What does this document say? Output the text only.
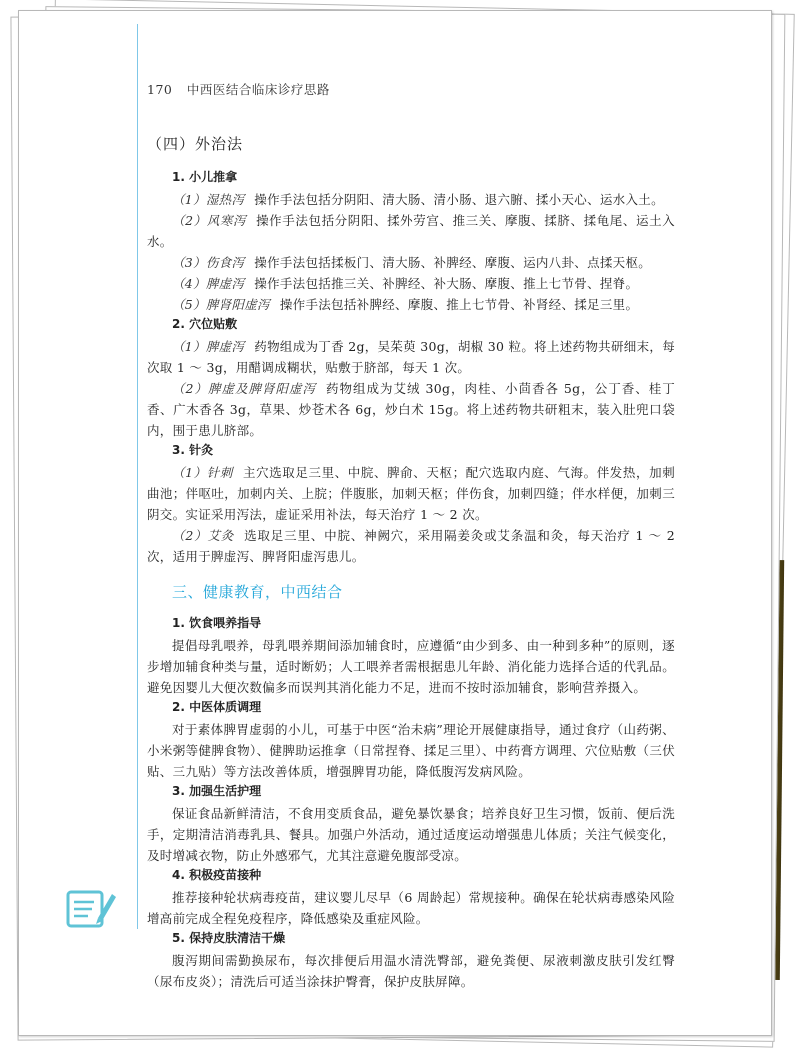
170 中西医结合临床诊疗思路
（四）外治法
1. 小儿推拿
（1）湿热泻 操作手法包括分阴阳、清大肠、清小肠、退六腑、揉小天心、运水入土。
（2）风寒泻 操作手法包括分阴阳、揉外劳宫、推三关、摩腹、揉脐、揉龟尾、运土入水。
（3）伤食泻 操作手法包括揉板门、清大肠、补脾经、摩腹、运内八卦、点揉天枢。
（4）脾虚泻 操作手法包括推三关、补脾经、补大肠、摩腹、推上七节骨、捏脊。
（5）脾肾阳虚泻 操作手法包括补脾经、摩腹、推上七节骨、补肾经、揉足三里。
2. 穴位贴敷
（1）脾虚泻 药物组成为丁香 2g，吴茱萸 30g，胡椒 30 粒。将上述药物共研细末，每次取 1 ～ 3g，用醋调成糊状，贴敷于脐部，每天 1 次。
（2）脾虚及脾肾阳虚泻 药物组成为艾绒 30g，肉桂、小茴香各 5g，公丁香、桂丁香、广木香各 3g，草果、炒苍术各 6g，炒白术 15g。将上述药物共研粗末，装入肚兜口袋内，围于患儿脐部。
3. 针灸
（1）针刺 主穴选取足三里、中脘、脾俞、天枢；配穴选取内庭、气海。伴发热，加刺曲池；伴呕吐，加刺内关、上脘；伴腹胀，加刺天枢；伴伤食，加刺四缝；伴水样便，加刺三阴交。实证采用泻法，虚证采用补法，每天治疗 1 ～ 2 次。
（2）艾灸 选取足三里、中脘、神阙穴，采用隔姜灸或艾条温和灸，每天治疗 1 ～ 2 次，适用于脾虚泻、脾肾阳虚泻患儿。
三、健康教育，中西结合
1. 饮食喂养指导
提倡母乳喂养，母乳喂养期间添加辅食时，应遵循“由少到多、由一种到多种”的原则，逐步增加辅食种类与量，适时断奶；人工喂养者需根据患儿年龄、消化能力选择合适的代乳品。避免因婴儿大便次数偏多而误判其消化能力不足，进而不按时添加辅食，影响营养摄入。
2. 中医体质调理
对于素体脾胃虚弱的小儿，可基于中医“治未病”理论开展健康指导，通过食疗（山药粥、小米粥等健脾食物）、健脾助运推拿（日常捏脊、揉足三里）、中药膏方调理、穴位贴敷（三伏贴、三九贴）等方法改善体质，增强脾胃功能，降低腹泻发病风险。
3. 加强生活护理
保证食品新鲜清洁，不食用变质食品，避免暴饮暴食；培养良好卫生习惯，饭前、便后洗手，定期清洁消毒乳具、餐具。加强户外活动，通过适度运动增强患儿体质；关注气候变化，及时增减衣物，防止外感邪气，尤其注意避免腹部受凉。
4. 积极疫苗接种
推荐接种轮状病毒疫苗，建议婴儿尽早（6 周龄起）常规接种。确保在轮状病毒感染风险增高前完成全程免疫程序，降低感染及重症风险。
5. 保持皮肤清洁干燥
腹泻期间需勤换尿布，每次排便后用温水清洗臀部，避免粪便、尿液刺激皮肤引发红臀（尿布皮炎）；清洗后可适当涂抹护臀膏，保护皮肤屏障。
